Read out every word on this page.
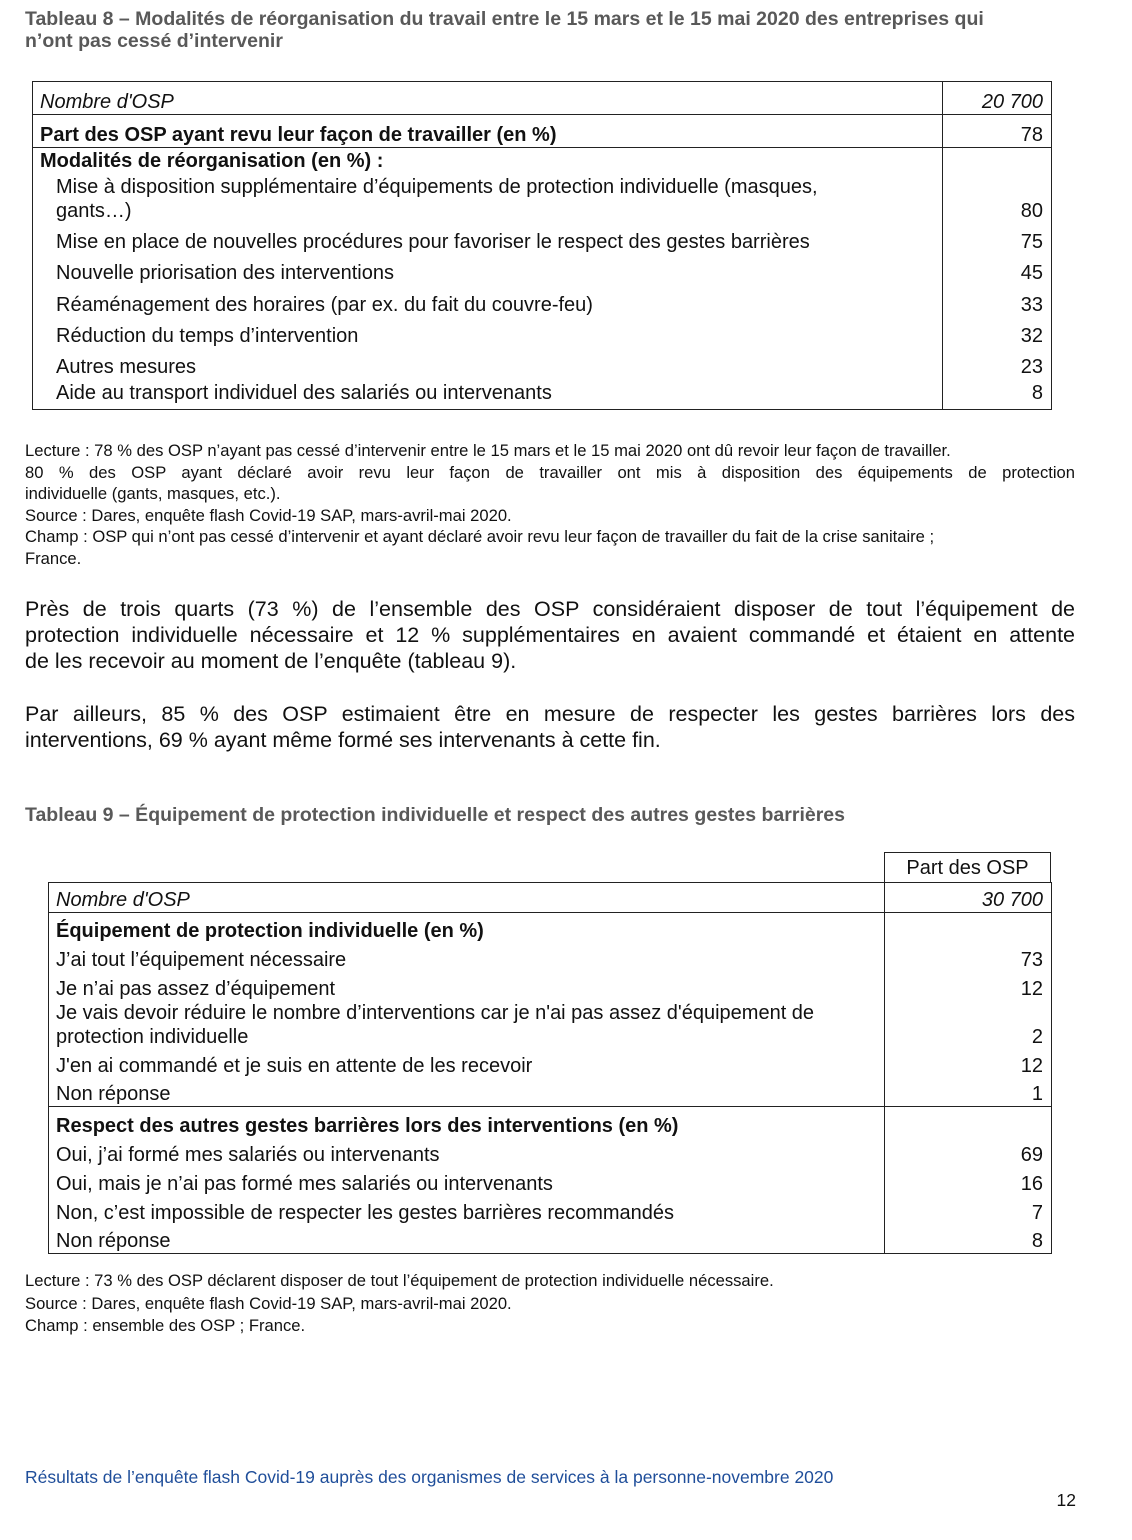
Tableau 8 – Modalités de réorganisation du travail entre le 15 mars et le 15 mai 2020 des entreprises qui
n’ont pas cessé d’intervenir
Nombre d'OSP	20 700
Part des OSP ayant revu leur façon de travailler (en %)	78
Modalités de réorganisation (en %) :	

Mise à disposition supplémentaire d’équipements de protection individuelle (masques,
gants…)	80
Mise en place de nouvelles procédures pour favoriser le respect des gestes barrières	75
Nouvelle priorisation des interventions	45
Réaménagement des horaires (par ex. du fait du couvre-feu)	33
Réduction du temps d’intervention	32
Autres mesures	23
Aide au transport individuel des salariés ou intervenants	8
Lecture : 78 % des OSP n’ayant pas cessé d’intervenir entre le 15 mars et le 15 mai 2020 ont dû revoir leur façon de travailler.
80 % des OSP ayant déclaré avoir revu leur façon de travailler ont mis à disposition des équipements de protection
individuelle (gants, masques, etc.).
Source : Dares, enquête flash Covid-19 SAP, mars-avril-mai 2020.
Champ : OSP qui n’ont pas cessé d’intervenir et ayant déclaré avoir revu leur façon de travailler du fait de la crise sanitaire ;
France.
Près de trois quarts (73 %) de l’ensemble des OSP considéraient disposer de tout l’équipement de
protection individuelle nécessaire et 12 % supplémentaires en avaient commandé et étaient en attente
de les recevoir au moment de l’enquête (tableau 9).
Par ailleurs, 85 % des OSP estimaient être en mesure de respecter les gestes barrières lors des
interventions, 69 % ayant même formé ses intervenants à cette fin.
Tableau 9 – Équipement de protection individuelle et respect des autres gestes barrières
Part des OSP
Nombre d'OSP	30 700
Équipement de protection individuelle (en %)	
J’ai tout l’équipement nécessaire	73
Je n’ai pas assez d’équipement	12

Je vais devoir réduire le nombre d’interventions car je n'ai pas assez d'équipement de
protection individuelle	2
J'en ai commandé et je suis en attente de les recevoir	12
Non réponse	1
Respect des autres gestes barrières lors des interventions (en %)	
Oui, j’ai formé mes salariés ou intervenants	69
Oui, mais je n’ai pas formé mes salariés ou intervenants	16
Non, c’est impossible de respecter les gestes barrières recommandés	7
Non réponse	8
Lecture : 73 % des OSP déclarent disposer de tout l’équipement de protection individuelle nécessaire.
Source : Dares, enquête flash Covid-19 SAP, mars-avril-mai 2020.
Champ : ensemble des OSP ; France.
Résultats de l’enquête flash Covid-19 auprès des organismes de services à la personne-novembre 2020
12
